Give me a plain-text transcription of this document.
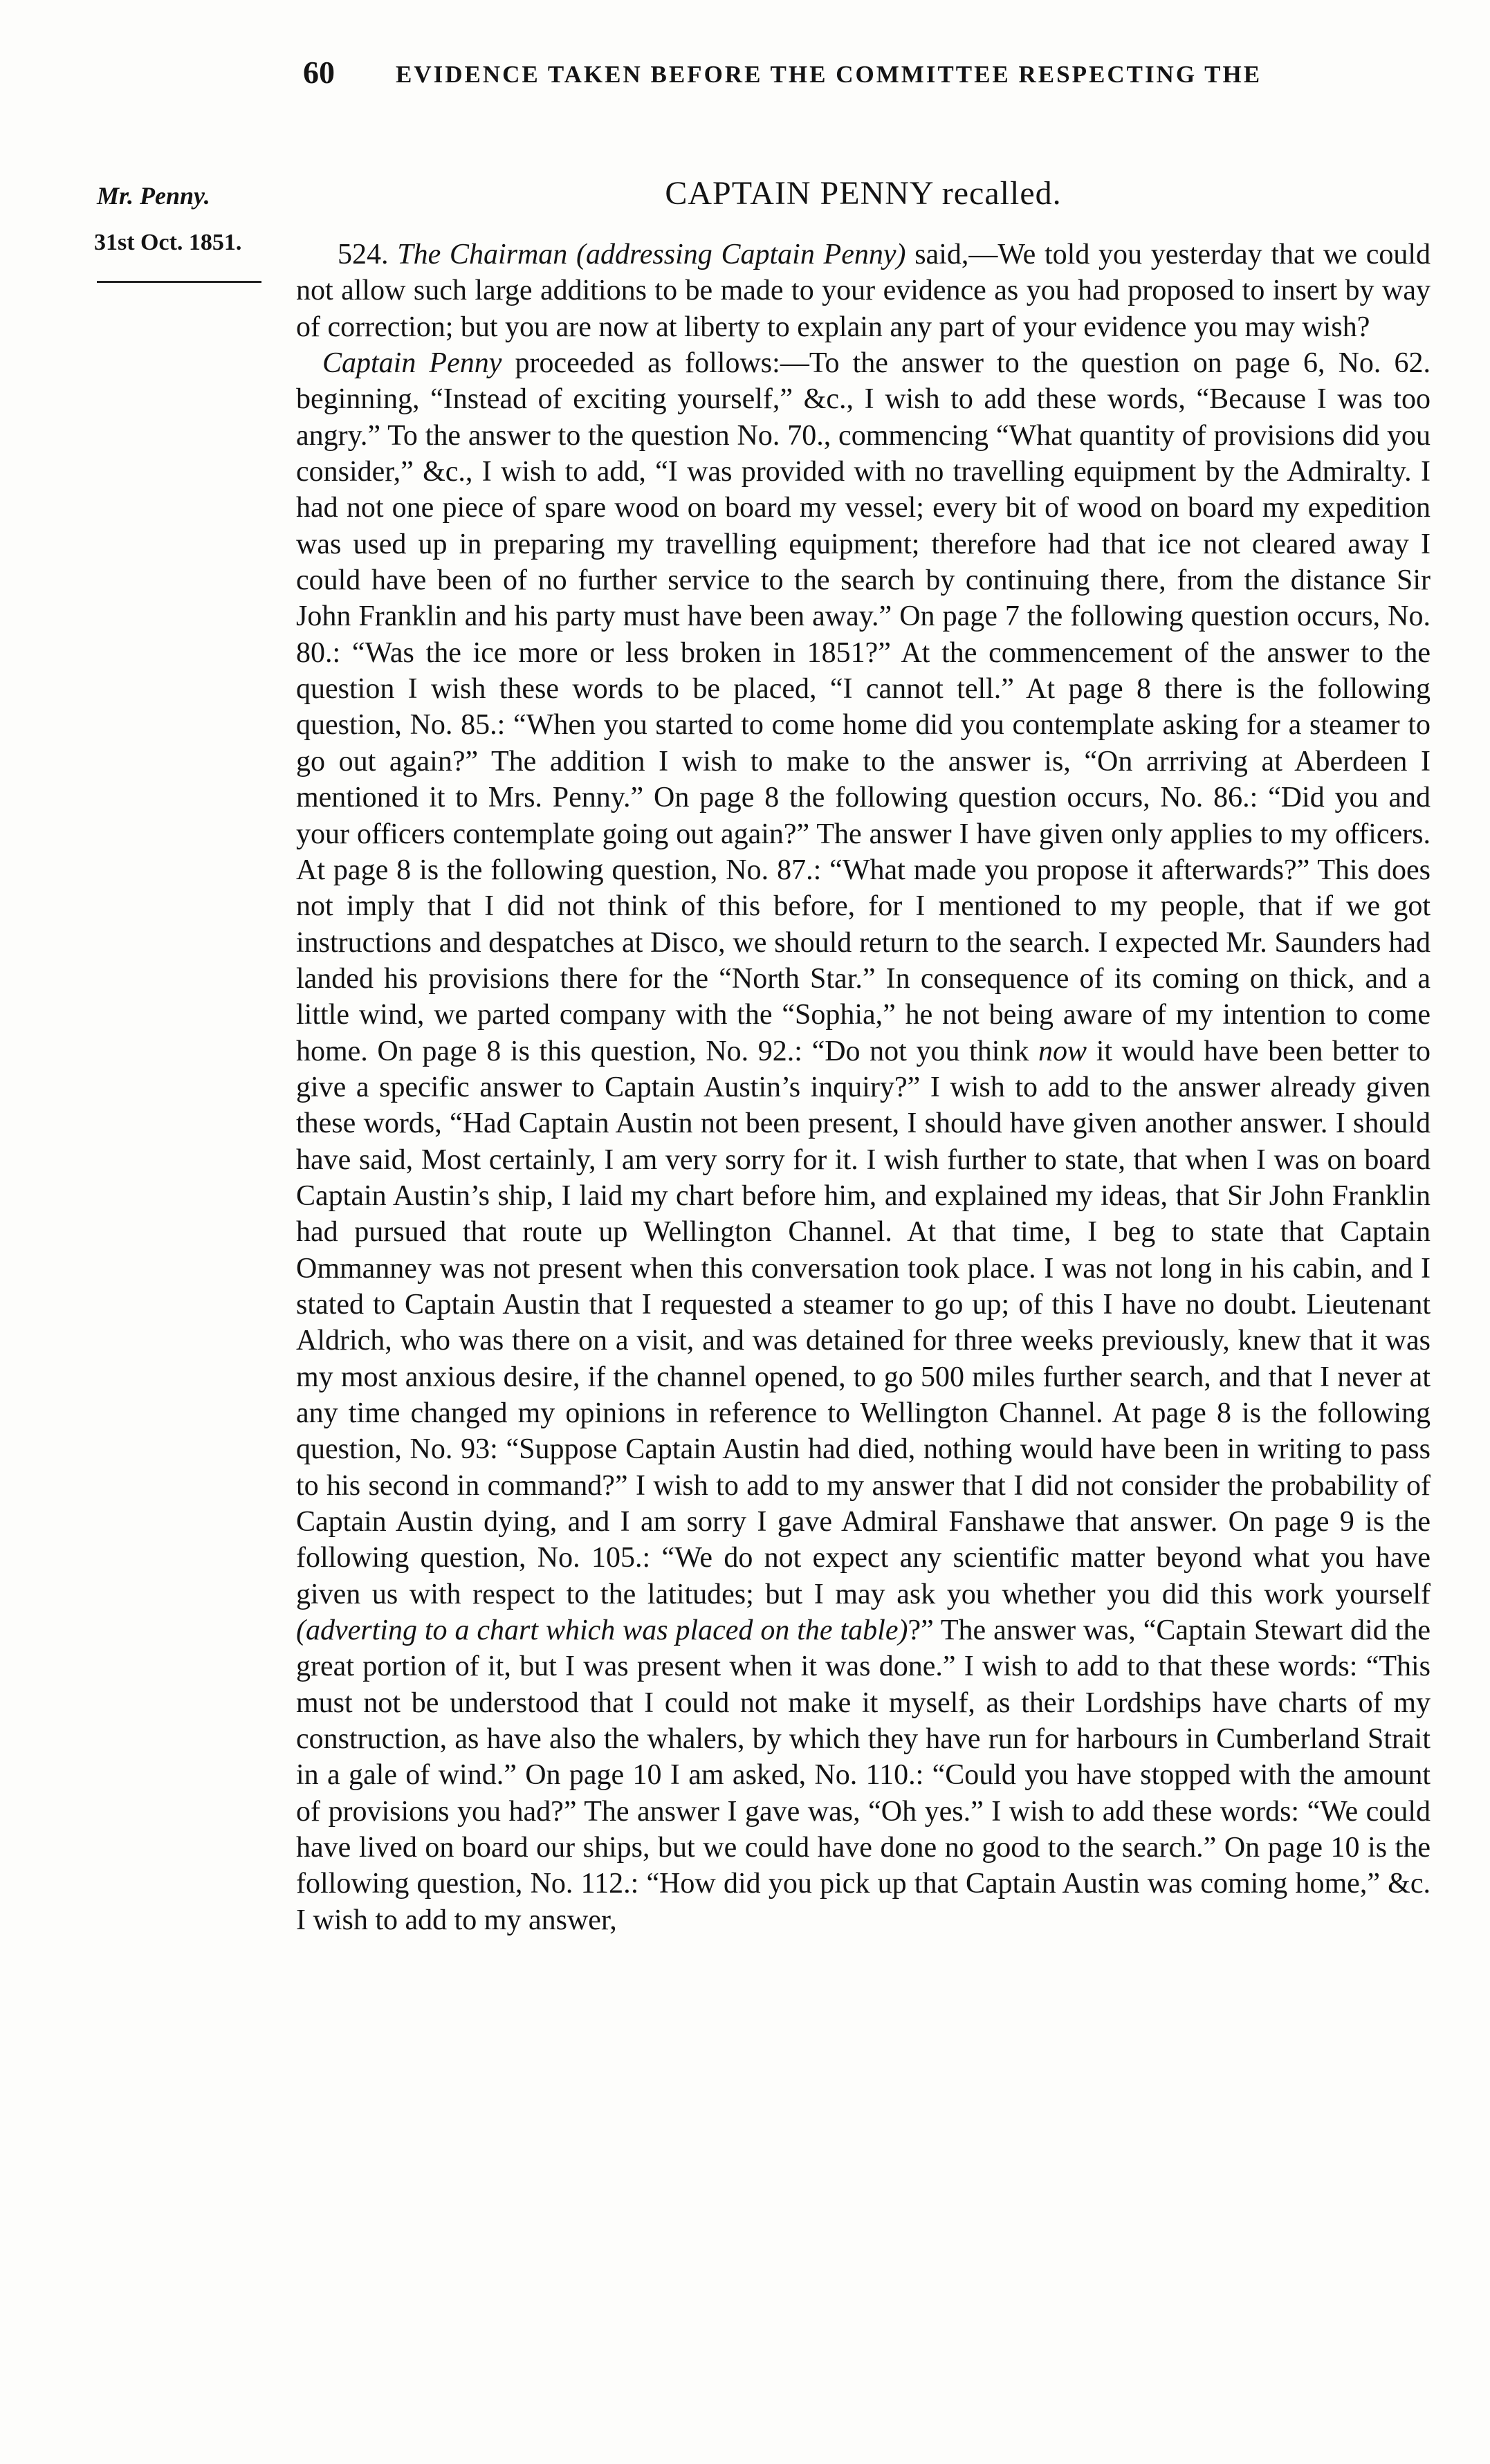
60	EVIDENCE TAKEN BEFORE THE COMMITTEE RESPECTING THE
Mr. Penny.
31st Oct. 1851.
CAPTAIN PENNY recalled.

524. The Chairman (addressing Captain Penny) said,—We told you yesterday that we could not allow such large additions to be made to your evidence as you had proposed to insert by way of correction; but you are now at liberty to explain any part of your evidence you may wish?

Captain Penny proceeded as follows:—To the answer to the question on page 6, No. 62. beginning, “Instead of exciting yourself,” &c., I wish to add these words, “Because I was too angry.” To the answer to the question No. 70., commencing “What quantity of provisions did you consider,” &c., I wish to add, “I was provided with no travelling equipment by the Admiralty. I had not one piece of spare wood on board my vessel; every bit of wood on board my expedition was used up in preparing my travelling equipment; therefore had that ice not cleared away I could have been of no further service to the search by continuing there, from the distance Sir John Franklin and his party must have been away.” On page 7 the following question occurs, No. 80.: “Was the ice more or less broken in 1851?” At the commencement of the answer to the question I wish these words to be placed, “I cannot tell.” At page 8 there is the following question, No. 85.: “When you started to come home did you contemplate asking for a steamer to go out again?” The addition I wish to make to the answer is, “On arrriving at Aberdeen I mentioned it to Mrs. Penny.” On page 8 the following question occurs, No. 86.: “Did you and your officers contemplate going out again?” The answer I have given only applies to my officers. At page 8 is the following question, No. 87.: “What made you propose it afterwards?” This does not imply that I did not think of this before, for I mentioned to my people, that if we got instructions and despatches at Disco, we should return to the search. I expected Mr. Saunders had landed his provisions there for the “North Star.” In consequence of its coming on thick, and a little wind, we parted company with the “Sophia,” he not being aware of my intention to come home. On page 8 is this question, No. 92.: “Do not you think now it would have been better to give a specific answer to Captain Austin’s inquiry?” I wish to add to the answer already given these words, “Had Captain Austin not been present, I should have given another answer. I should have said, Most certainly, I am very sorry for it. I wish further to state, that when I was on board Captain Austin’s ship, I laid my chart before him, and explained my ideas, that Sir John Franklin had pursued that route up Wellington Channel. At that time, I beg to state that Captain Ommanney was not present when this conversation took place. I was not long in his cabin, and I stated to Captain Austin that I requested a steamer to go up; of this I have no doubt. Lieutenant Aldrich, who was there on a visit, and was detained for three weeks previously, knew that it was my most anxious desire, if the channel opened, to go 500 miles further search, and that I never at any time changed my opinions in reference to Wellington Channel. At page 8 is the following question, No. 93: “Suppose Captain Austin had died, nothing would have been in writing to pass to his second in command?” I wish to add to my answer that I did not consider the probability of Captain Austin dying, and I am sorry I gave Admiral Fanshawe that answer. On page 9 is the following question, No. 105.: “We do not expect any scientific matter beyond what you have given us with respect to the latitudes; but I may ask you whether you did this work yourself (adverting to a chart which was placed on the table)?” The answer was, “Captain Stewart did the great portion of it, but I was present when it was done.” I wish to add to that these words: “This must not be understood that I could not make it myself, as their Lordships have charts of my construction, as have also the whalers, by which they have run for harbours in Cumberland Strait in a gale of wind.” On page 10 I am asked, No. 110.: “Could you have stopped with the amount of provisions you had?” The answer I gave was, “Oh yes.” I wish to add these words: “We could have lived on board our ships, but we could have done no good to the search.” On page 10 is the following question, No. 112.: “How did you pick up that Captain Austin was coming home,” &c. I wish to add to my answer,
